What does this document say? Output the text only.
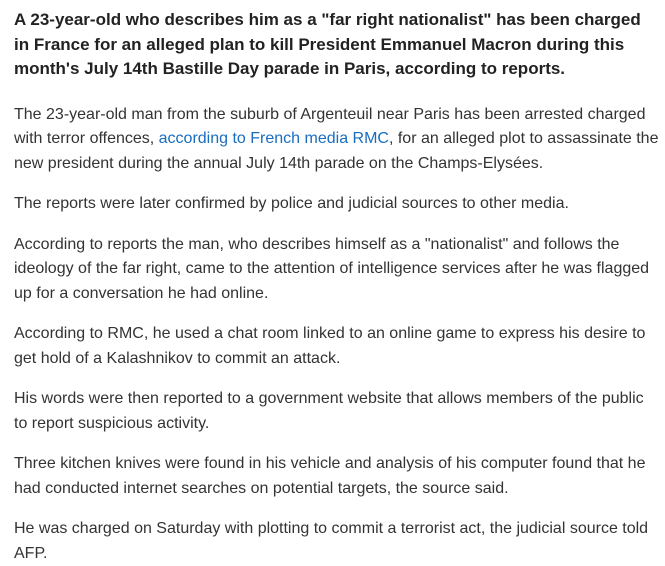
A 23-year-old who describes him as a "far right nationalist" has been charged in France for an alleged plan to kill President Emmanuel Macron during this month's July 14th Bastille Day parade in Paris, according to reports.

The 23-year-old man from the suburb of Argenteuil near Paris has been arrested charged with terror offences, according to French media RMC, for an alleged plot to assassinate the new president during the annual July 14th parade on the Champs-Elysées.

The reports were later confirmed by police and judicial sources to other media.

According to reports the man, who describes himself as a "nationalist" and follows the ideology of the far right, came to the attention of intelligence services after he was flagged up for a conversation he had online.

According to RMC, he used a chat room linked to an online game to express his desire to get hold of a Kalashnikov to commit an attack.

His words were then reported to a government website that allows members of the public to report suspicious activity.

Three kitchen knives were found in his vehicle and analysis of his computer found that he had conducted internet searches on potential targets, the source said.

He was charged on Saturday with plotting to commit a terrorist act, the judicial source told AFP.
